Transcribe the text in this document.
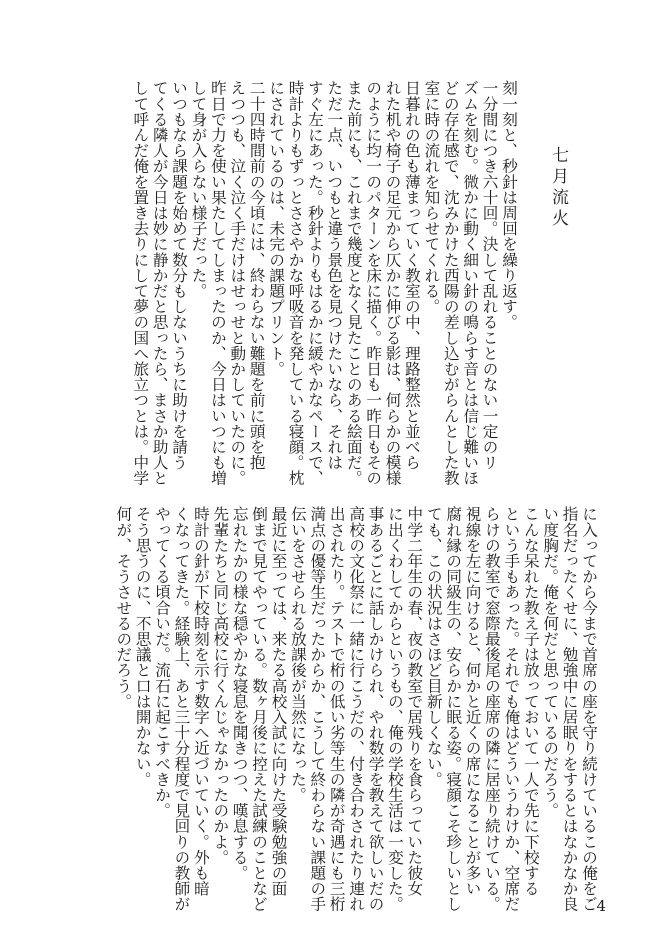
七月流火
刻一刻と、秒針は周回を繰り返す。
一分間につき六十回。決して乱れることのない一定のリ
ズムを刻む。微かに動く細い針の鳴らす音とは信じ難いほ
どの存在感で、沈みかけた西陽の差し込むがらんとした教
室に時の流れを知らせてくれる。
日暮れの色も薄まっていく教室の中、理路整然と並べら
れた机や椅子の足元から仄かに伸びる影は、何らかの模様
のように均一のパターンを床に描く。昨日も一昨日もその
また前にも、これまで幾度となく見たことのある絵面だ。
ただ一点、いつもと違う景色を見つけたいなら、それは
すぐ左にあった。秒針よりもはるかに緩やかなペースで、
時計よりもずっとささやかな呼吸音を発している寝顔。枕
にされているのは、未完の課題プリント。
二十四時間前の今頃には、終わらない難題を前に頭を抱
えつつも、泣く泣く手だけはせっせと動かしていたのに。
昨日で力を使い果たしてしまったのか、今日はいつにも増
して身が入らない様子だった。
いつもなら課題を始めて数分もしないうちに助けを請う
てくる隣人が今日は妙に静かだと思ったら、まさか助人と
して呼んだ俺を置き去りにして夢の国へ旅立つとは。中学
に入ってから今まで首席の座を守り続けているこの俺をご
指名だったくせに、勉強中に居眠りをするとはなかなか良
い度胸だ。俺を何だと思っているのだろう。
こんな呆れた教え子は放っておいて一人で先に下校する
という手もあった。それでも俺はどういうわけか、空席だ
らけの教室で窓際最後尾の座席の隣に居座り続けている。
視線を左に向けると、何かと近くの席になることが多い
腐れ縁の同級生の、安らかに眠る姿。寝顔こそ珍しいとし
ても、この状況はさほど目新しくない。
中学二年生の春、夜の教室で居残りを食らっていた彼女
に出くわしてからというもの、俺の学校生活は一変した。
事あるごとに話しかけられ、やれ数学を教えて欲しいだの
高校の文化祭に一緒に行こうだの、付き合わされたり連れ
出されたり。テストで桁の低い劣等生の隣が奇遇にも三桁
満点の優等生だったからか、こうして終わらない課題の手
伝いをさせられる放課後が当然になった。
最近に至っては、来たる高校入試に向けた受験勉強の面
倒まで見てやっている。数ヶ月後に控えた試練のことなど
忘れたかの様な穏やかな寝息を聞きつつ、嘆息する。
先輩たちと同じ高校に行くんじゃなかったのかよ。
時計の針が下校時刻を示す数字へ近づいていく。外も暗
くなってきた。経験上、あと三十分程度で見回りの教師が
やってくる頃合いだ。流石に起こすべきか。
そう思うのに、不思議と口は開かない。
何が、そうさせるのだろう。
4
